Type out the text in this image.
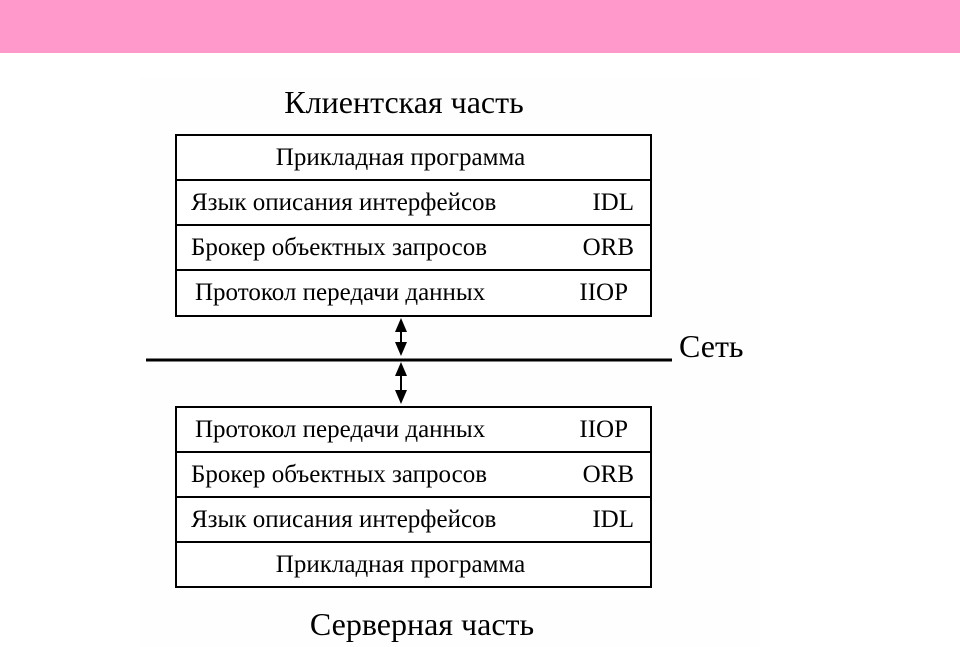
Клиентская часть
Прикладная программа
Язык описания интерфейсов	IDL
Брокер объектных запросов	ORB
Протокол передачи данных	IIOP
Сеть
Протокол передачи данных	IIOP
Брокер объектных запросов	ORB
Язык описания интерфейсов	IDL
Прикладная программа
Серверная часть
